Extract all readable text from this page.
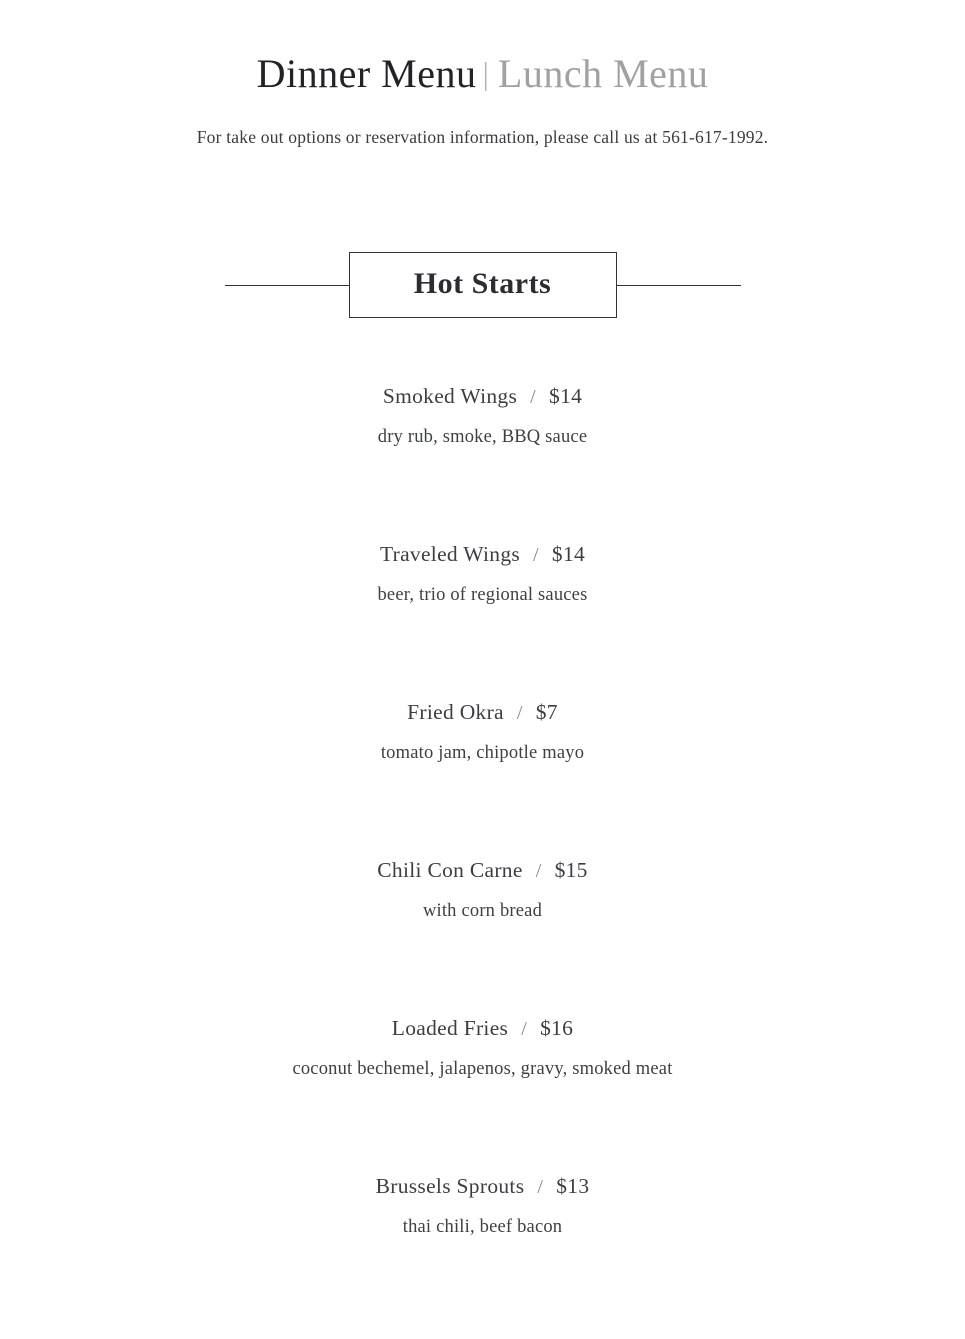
Dinner Menu | Lunch Menu
For take out options or reservation information, please call us at 561-617-1992.
Hot Starts
Smoked Wings / $14
dry rub, smoke, BBQ sauce
Traveled Wings / $14
beer, trio of regional sauces
Fried Okra / $7
tomato jam, chipotle mayo
Chili Con Carne / $15
with corn bread
Loaded Fries / $16
coconut bechemel, jalapenos, gravy, smoked meat
Brussels Sprouts / $13
thai chili, beef bacon
